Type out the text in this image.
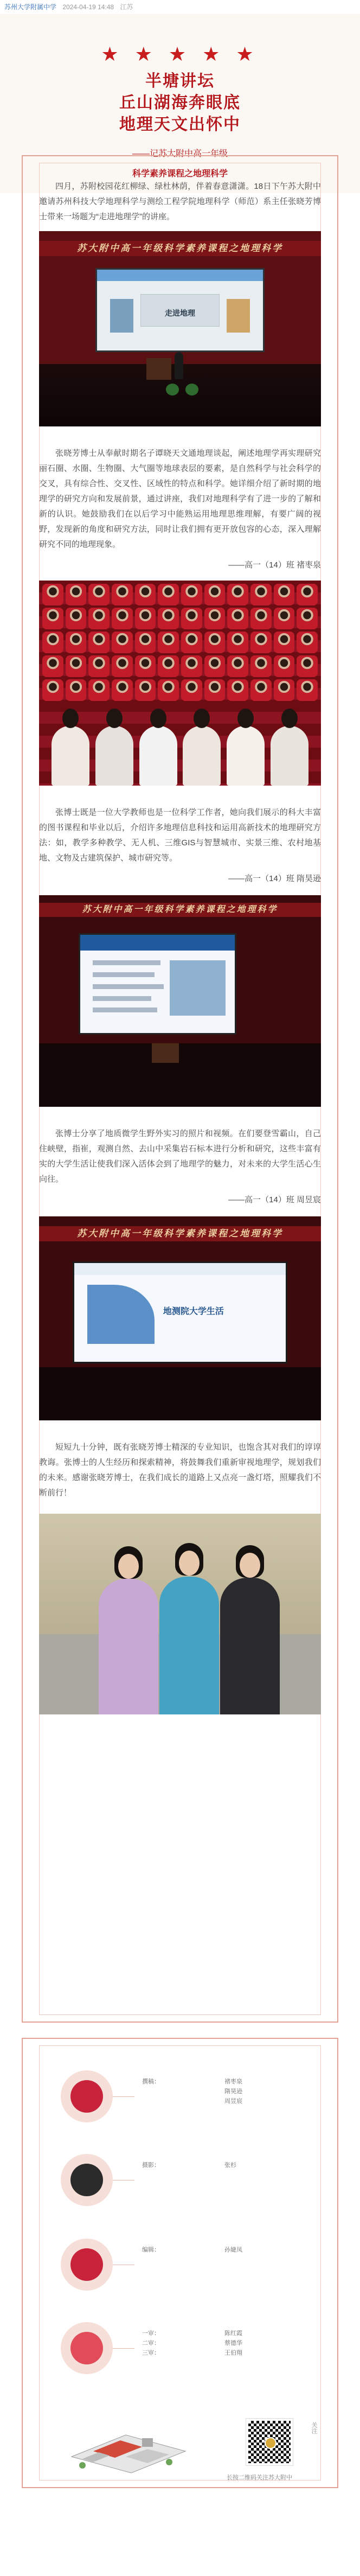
苏州大学附属中学 2024-04-19 14:48 江苏
★ ★ ★ ★ ★
半塘讲坛
丘山湖海奔眼底
地理天文出怀中
——记苏大附中高一年级
科学素养课程之地理科学

四月，苏附校园花红柳绿、绿杜林荫，伴着春意潇潇。18日下午苏大附中邀请苏州科技大学地理科学与测绘工程学院地理科学（师范）系主任张晓芳博士带来一场题为“走进地理学”的讲座。

苏大附中高一年级科学素养课程之地理科学
走进地理

张晓芳博士从奉献时期名子谭晓天文通地理谈起，阐述地理学再实理研究丽石圈、水圈、生物圈、大气圈等地球表层的要素，是自然科学与社会科学的交叉，具有综合性、交叉性、区域性的特点和科学。她详细介绍了新时期的地理学的研究方向和发展前景，通过讲座，我们对地理科学有了进一步的了解和新的认识。她鼓励我们在以后学习中能熟运用地理思维理解，有要广阔的视野，发现新的角度和研究方法，同时让我们拥有更开放包容的心态，深入理解研究不同的地理现象。

——高一（14）班 褚枣泉

张博士既是一位大学教师也是一位科学工作者，她向我们展示的科大丰富的图书课程和毕业以后，介绍许多地理信息科技和运用高新技术的地理研究方法：如，教学多种教学、无人机、三维GIS与智慧城市、实景三维、农村地基地、文物及古建筑保护、城市研究等。

——高一（14）班 隋昊逊
苏大附中高一年级科学素养课程之地理科学

张博士分享了地质微学生野外实习的照片和视频。在们要登雪霸山，自己住峡壁，指崔，观测自然、去山中采集岩石标本进行分析和研究，这些丰富有实的大学生活让使我们深入活体会到了地理学的魅力，对未来的大学生活心生向往。

——高一（14）班 周昱宸
苏大附中高一年级科学素养课程之地理科学
地测院大学生活

短短九十分钟，既有张晓芳博士精深的专业知识，也饱含其对我们的谆谆教诲。张博士的人生经历和探索精神，将鼓舞我们重新审视地理学，规划我们的未来。感谢张晓芳博士，在我们成长的道路上又点亮一盏灯塔，照耀我们不断前行！

撰稿：	褚枣泉
隋昊逊
周昱宸
摄影：	张杉
编辑：	孙婕凤
一审：	陈红霞
二审：	蔡德华
三审：	王伯翔
长按二维码关注苏大附中
关注
